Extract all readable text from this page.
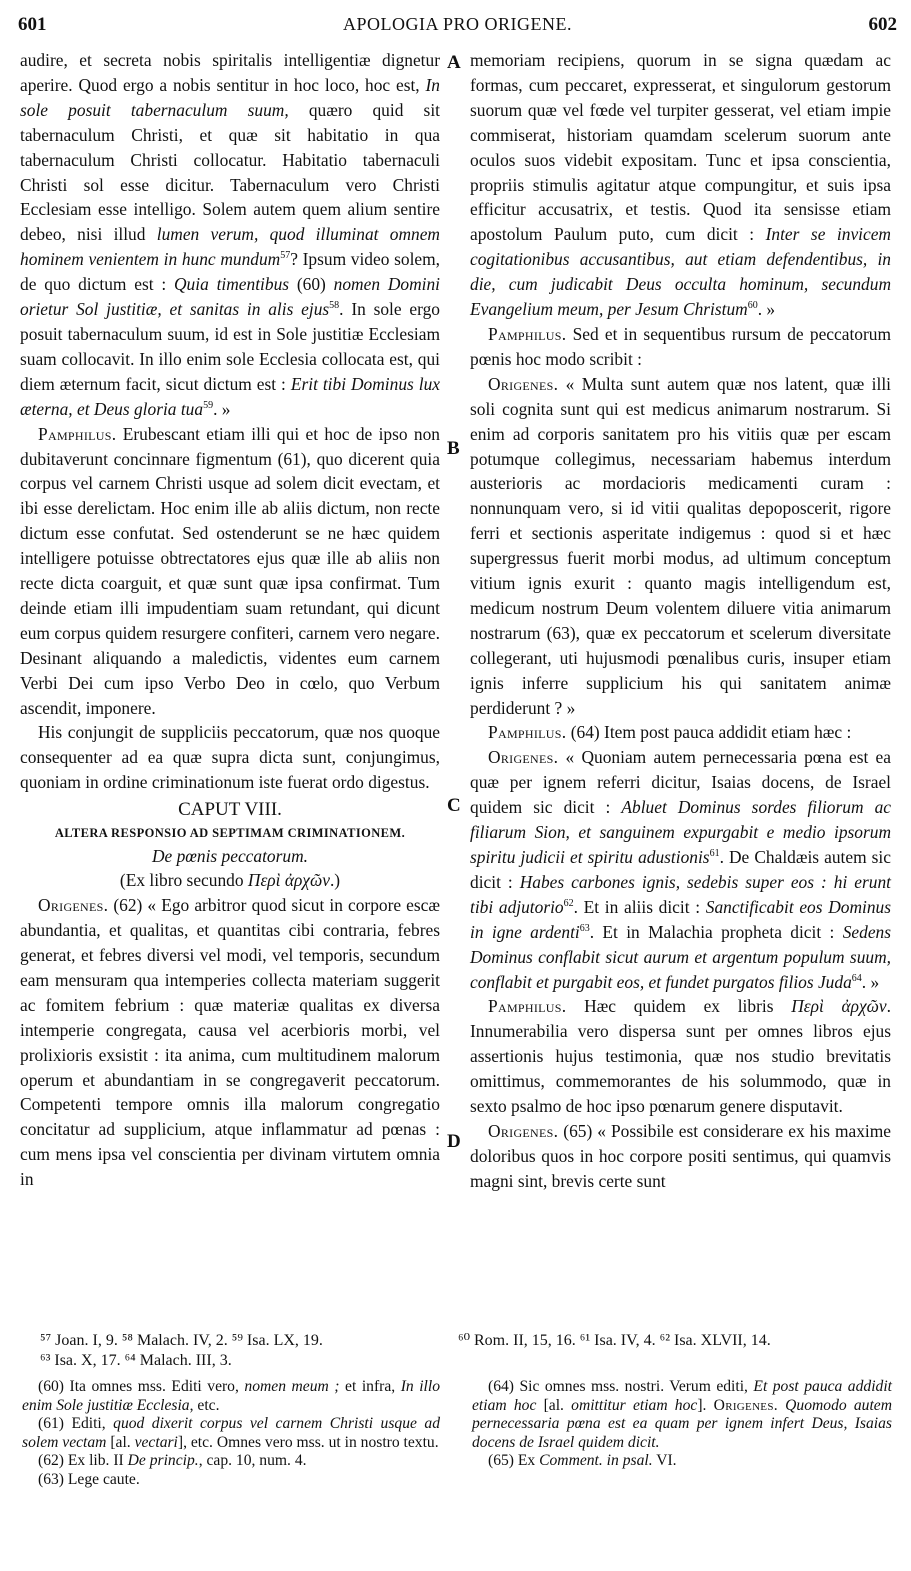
601	APOLOGIA PRO ORIGENE.	602
A
B
C
D

audire, et secreta nobis spiritalis intelligentiæ dignetur aperire. Quod ergo a nobis sentitur in hoc loco, hoc est, In sole posuit tabernaculum suum, quæro quid sit tabernaculum Christi, et quæ sit habitatio in qua tabernaculum Christi collocatur. Habitatio tabernaculi Christi sol esse dicitur. Tabernaculum vero Christi Ecclesiam esse intelligo. Solem autem quem alium sentire debeo, nisi illud lumen verum, quod illuminat omnem hominem venientem in hunc mundum$^{57}$? Ipsum video solem, de quo dictum est : Quia timentibus (60) nomen Domini orietur Sol justitiæ, et sanitas in alis ejus$^{58}$. In sole ergo posuit tabernaculum suum, id est in Sole justitiæ Ecclesiam suam collocavit. In illo enim sole Ecclesia collocata est, qui diem æternum facit, sicut dictum est : Erit tibi Dominus lux æterna, et Deus gloria tua$^{59}$. »

Pamphilus. Erubescant etiam illi qui et hoc de ipso non dubitaverunt concinnare figmentum (61), quo dicerent quia corpus vel carnem Christi usque ad solem dicit evectam, et ibi esse derelictam. Hoc enim ille ab aliis dictum, non recte dictum esse confutat. Sed ostenderunt se ne hæc quidem intelligere potuisse obtrectatores ejus quæ ille ab aliis non recte dicta coarguit, et quæ sunt quæ ipsa confirmat. Tum deinde etiam illi impudentiam suam retundant, qui dicunt eum corpus quidem resurgere confiteri, carnem vero negare. Desinant aliquando a maledictis, videntes eum carnem Verbi Dei cum ipso Verbo Deo in cœlo, quo Verbum ascendit, imponere.

His conjungit de suppliciis peccatorum, quæ nos quoque consequenter ad ea quæ supra dicta sunt, conjungimus, quoniam in ordine criminationum iste fuerat ordo digestus.

CAPUT VIII.
ALTERA RESPONSIO AD SEPTIMAM CRIMINATIONEM.
De pœnis peccatorum.
(Ex libro secundo Περὶ ἀρχῶν.)

Origenes. (62) « Ego arbitror quod sicut in corpore escæ abundantia, et qualitas, et quantitas cibi contraria, febres generat, et febres diversi vel modi, vel temporis, secundum eam mensuram qua intemperies collecta materiam suggerit ac fomitem febrium : quæ materiæ qualitas ex diversa intemperie congregata, causa vel acerbioris morbi, vel prolixioris exsistit : ita anima, cum multitudinem malorum operum et abundantiam in se congregaverit peccatorum. Competenti tempore omnis illa malorum congregatio concitatur ad supplicium, atque inflammatur ad pœnas : cum mens ipsa vel conscientia per divinam virtutem omnia in

⁵⁷ Joan. I, 9. ⁵⁸ Malach. IV, 2. ⁵⁹ Isa. LX, 19.
⁶³ Isa. X, 17. ⁶⁴ Malach. III, 3.

(60) Ita omnes mss. Editi vero, nomen meum ; et infra, In illo enim Sole justitiæ Ecclesia, etc.

(61) Editi, quod dixerit corpus vel carnem Christi usque ad solem vectam [al. vectari], etc. Omnes vero mss. ut in nostro textu.

(62) Ex lib. II De princip., cap. 10, num. 4.

(63) Lege caute.

memoriam recipiens, quorum in se signa quædam ac formas, cum peccaret, expresserat, et singulorum gestorum suorum quæ vel fœde vel turpiter gesserat, vel etiam impie commiserat, historiam quamdam scelerum suorum ante oculos suos videbit expositam. Tunc et ipsa conscientia, propriis stimulis agitatur atque compungitur, et suis ipsa efficitur accusatrix, et testis. Quod ita sensisse etiam apostolum Paulum puto, cum dicit : Inter se invicem cogitationibus accusantibus, aut etiam defendentibus, in die, cum judicabit Deus occulta hominum, secundum Evangelium meum, per Jesum Christum$^{60}$. »

Pamphilus. Sed et in sequentibus rursum de peccatorum pœnis hoc modo scribit :

Origenes. « Multa sunt autem quæ nos latent, quæ illi soli cognita sunt qui est medicus animarum nostrarum. Si enim ad corporis sanitatem pro his vitiis quæ per escam potumque collegimus, necessariam habemus interdum austerioris ac mordacioris medicamenti curam : nonnunquam vero, si id vitii qualitas depoposcerit, rigore ferri et sectionis asperitate indigemus : quod si et hæc supergressus fuerit morbi modus, ad ultimum conceptum vitium ignis exurit : quanto magis intelligendum est, medicum nostrum Deum volentem diluere vitia animarum nostrarum (63), quæ ex peccatorum et scelerum diversitate collegerant, uti hujusmodi pœnalibus curis, insuper etiam ignis inferre supplicium his qui sanitatem animæ perdiderunt ? »

Pamphilus. (64) Item post pauca addidit etiam hæc :

Origenes. « Quoniam autem pernecessaria pœna est ea quæ per ignem referri dicitur, Isaias docens, de Israel quidem sic dicit : Abluet Dominus sordes filiorum ac filiarum Sion, et sanguinem expurgabit e medio ipsorum spiritu judicii et spiritu adustionis$^{61}$. De Chaldæis autem sic dicit : Habes carbones ignis, sedebis super eos : hi erunt tibi adjutorio$^{62}$. Et in aliis dicit : Sanctificabit eos Dominus in igne ardenti$^{63}$. Et in Malachia propheta dicit : Sedens Dominus conflabit sicut aurum et argentum populum suum, conflabit et purgabit eos, et fundet purgatos filios Juda$^{64}$. »

Pamphilus. Hæc quidem ex libris Περὶ ἀρχῶν. Innumerabilia vero dispersa sunt per omnes libros ejus assertionis hujus testimonia, quæ nos studio brevitatis omittimus, commemorantes de his solummodo, quæ in sexto psalmo de hoc ipso pœnarum genere disputavit.

Origenes. (65) « Possibile est considerare ex his maxime doloribus quos in hoc corpore positi sentimus, qui quamvis magni sint, brevis certe sunt

⁶⁰ Rom. II, 15, 16. ⁶¹ Isa. IV, 4. ⁶² Isa. XLVII, 14.

(64) Sic omnes mss. nostri. Verum editi, Et post pauca addidit etiam hoc [al. omittitur etiam hoc]. Origenes. Quomodo autem pernecessaria pœna est ea quam per ignem infert Deus, Isaias docens de Israel quidem dicit.

(65) Ex Comment. in psal. VI.
